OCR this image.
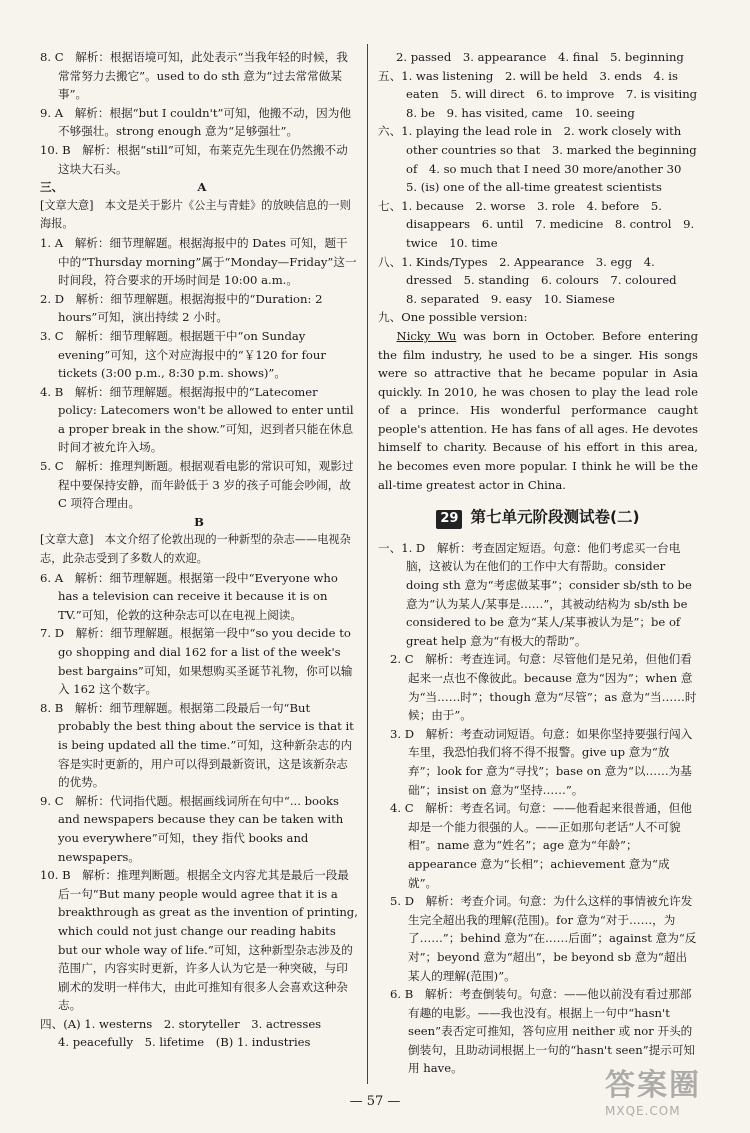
8. C　解析：根据语境可知，此处表示“当我年轻的时候，我常常努力去搬它”。used to do sth 意为“过去常常做某事”。

9. A　解析：根据“but I couldn't”可知，他搬不动，因为他不够强壮。strong enough 意为“足够强壮”。

10. B　解析：根据“still”可知，布莱克先生现在仍然搬不动这块大石头。

三、	A

[文章大意]　本文是关于影片《公主与青蛙》的放映信息的一则海报。

1. A　解析：细节理解题。根据海报中的 Dates 可知，题干中的“Thursday morning”属于“Monday—Friday”这一时间段，符合要求的开场时间是 10:00 a.m.。

2. D　解析：细节理解题。根据海报中的“Duration: 2 hours”可知，演出持续 2 小时。

3. C　解析：细节理解题。根据题干中“on Sunday evening”可知，这个对应海报中的“￥120 for four tickets (3:00 p.m., 8:30 p.m. shows)”。

4. B　解析：细节理解题。根据海报中的“Latecomer policy: Latecomers won't be allowed to enter until a proper break in the show.”可知，迟到者只能在休息时间才被允许入场。

5. C　解析：推理判断题。根据观看电影的常识可知，观影过程中要保持安静，而年龄低于 3 岁的孩子可能会吵闹，故 C 项符合理由。

B

[文章大意]　本文介绍了伦敦出现的一种新型的杂志——电视杂志，此杂志受到了多数人的欢迎。

6. A　解析：细节理解题。根据第一段中“Everyone who has a television can receive it because it is on TV.”可知，伦敦的这种杂志可以在电视上阅读。

7. D　解析：细节理解题。根据第一段中“so you decide to go shopping and dial 162 for a list of the week's best bargains”可知，如果想购买圣诞节礼物，你可以输入 162 这个数字。

8. B　解析：细节理解题。根据第二段最后一句“But probably the best thing about the service is that it is being updated all the time.”可知，这种新杂志的内容是实时更新的，用户可以得到最新资讯，这是该新杂志的优势。

9. C　解析：代词指代题。根据画线词所在句中“... books and newspapers because they can be taken with you everywhere”可知，they 指代 books and newspapers。

10. B　解析：推理判断题。根据全文内容尤其是最后一段最后一句“But many people would agree that it is a breakthrough as great as the invention of printing, which could not just change our reading habits but our whole way of life.”可知，这种新型杂志涉及的范围广，内容实时更新，许多人认为它是一种突破，与印刷术的发明一样伟大，由此可推知有很多人会喜欢这种杂志。

四、(A) 1. westerns　2. storyteller　3. actresses

4. peacefully　5. lifetime　(B) 1. industries

2. passed　3. appearance　4. final　5. beginning

五、1. was listening　2. will be held　3. ends　4. is eaten　5. will direct　6. to improve　7. is visiting　8. be　9. has visited, came　10. seeing

六、1. playing the lead role in　2. work closely with other countries so that　3. marked the beginning of　4. so much that I need 30 more/another 30　5. (is) one of the all-time greatest scientists

七、1. because　2. worse　3. role　4. before　5. disappears　6. until　7. medicine　8. control　9. twice　10. time

八、1. Kinds/Types　2. Appearance　3. egg　4. dressed　5. standing　6. colours　7. coloured　8. separated　9. easy　10. Siamese

九、One possible version:

Nicky Wu was born in October. Before entering the film industry, he used to be a singer. His songs were so attractive that he became popular in Asia quickly. In 2010, he was chosen to play the lead role of a prince. His wonderful performance caught people's attention. He has fans of all ages. He devotes himself to charity. Because of his effort in this area, he becomes even more popular. I think he will be the all-time greatest actor in China.

29 第七单元阶段测试卷(二)

一、1. D　解析：考查固定短语。句意：他们考虑买一台电脑，这被认为在他们的工作中大有帮助。consider doing sth 意为“考虑做某事”；consider sb/sth to be 意为“认为某人/某事是……”，其被动结构为 sb/sth be considered to be 意为“某人/某事被认为是”；be of great help 意为“有极大的帮助”。

2. C　解析：考查连词。句意：尽管他们是兄弟，但他们看起来一点也不像彼此。because 意为“因为”；when 意为“当……时”；though 意为“尽管”；as 意为“当……时候；由于”。

3. D　解析：考查动词短语。句意：如果你坚持要强行闯入车里，我恐怕我们将不得不报警。give up 意为“放弃”；look for 意为“寻找”；base on 意为“以……为基础”；insist on 意为“坚持……”。

4. C　解析：考查名词。句意：——他看起来很普通，但他却是一个能力很强的人。——正如那句老话“人不可貌相”。name 意为“姓名”；age 意为“年龄”；appearance 意为“长相”；achievement 意为“成就”。

5. D　解析：考查介词。句意：为什么这样的事情被允许发生完全超出我的理解(范围)。for 意为“对于……，为了……”；behind 意为“在……后面”；against 意为“反对”；beyond 意为“超出”，be beyond sb 意为“超出某人的理解(范围)”。

6. B　解析：考查倒装句。句意：——他以前没有看过那部有趣的电影。——我也没有。根据上一句中“hasn't seen”表否定可推知，答句应用 neither 或 nor 开头的倒装句，且助动词根据上一句的“hasn't seen”提示可知用 have。

— 57 —	答案圈
MXQE.COM
